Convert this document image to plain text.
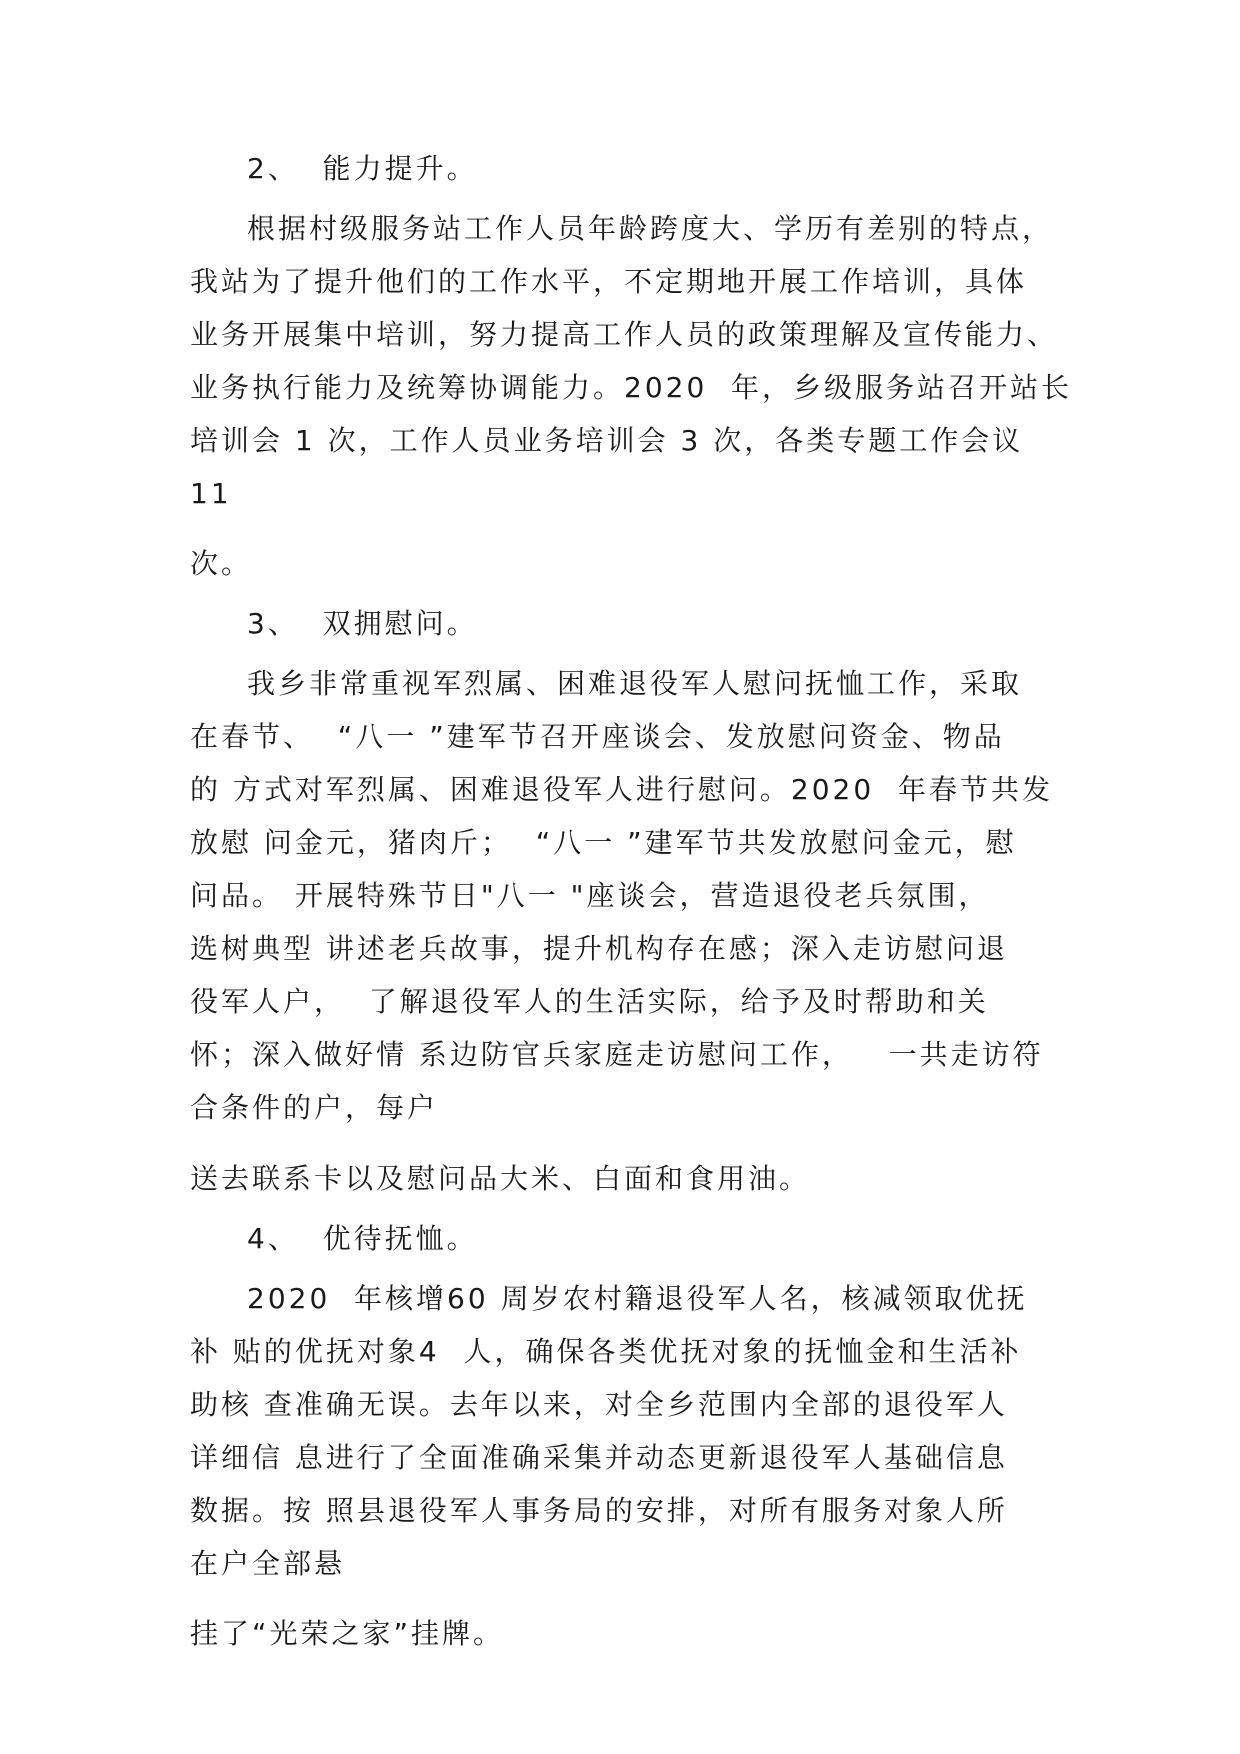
2、  能力提升。
根据村级服务站工作人员年龄跨度大、学历有差别的特点，
我站为了提升他们的工作水平，不定期地开展工作培训，具体
业务开展集中培训，努力提高工作人员的政策理解及宣传能力、
业务执行能力及统筹协调能力。2020  年，乡级服务站召开站长
培训会 1 次，工作人员业务培训会 3 次，各类专题工作会议
11
次。
3、  双拥慰问。
我乡非常重视军烈属、困难退役军人慰问抚恤工作，采取
在春节、  “八一 ”建军节召开座谈会、发放慰问资金、物品
的 方式对军烈属、困难退役军人进行慰问。2020  年春节共发
放慰 问金元，猪肉斤；  “八一 ”建军节共发放慰问金元，慰
问品。 开展特殊节日"八一 "座谈会，营造退役老兵氛围，
选树典型 讲述老兵故事，提升机构存在感；深入走访慰问退
役军人户，  了解退役军人的生活实际，给予及时帮助和关
怀；深入做好情 系边防官兵家庭走访慰问工作，   一共走访符
合条件的户，每户
送去联系卡以及慰问品大米、白面和食用油。
4、  优待抚恤。
2020  年核增60 周岁农村籍退役军人名，核减领取优抚
补 贴的优抚对象4  人，确保各类优抚对象的抚恤金和生活补
助核 查准确无误。去年以来，对全乡范围内全部的退役军人
详细信 息进行了全面准确采集并动态更新退役军人基础信息
数据。按 照县退役军人事务局的安排，对所有服务对象人所
在户全部悬
挂了“光荣之家”挂牌。
